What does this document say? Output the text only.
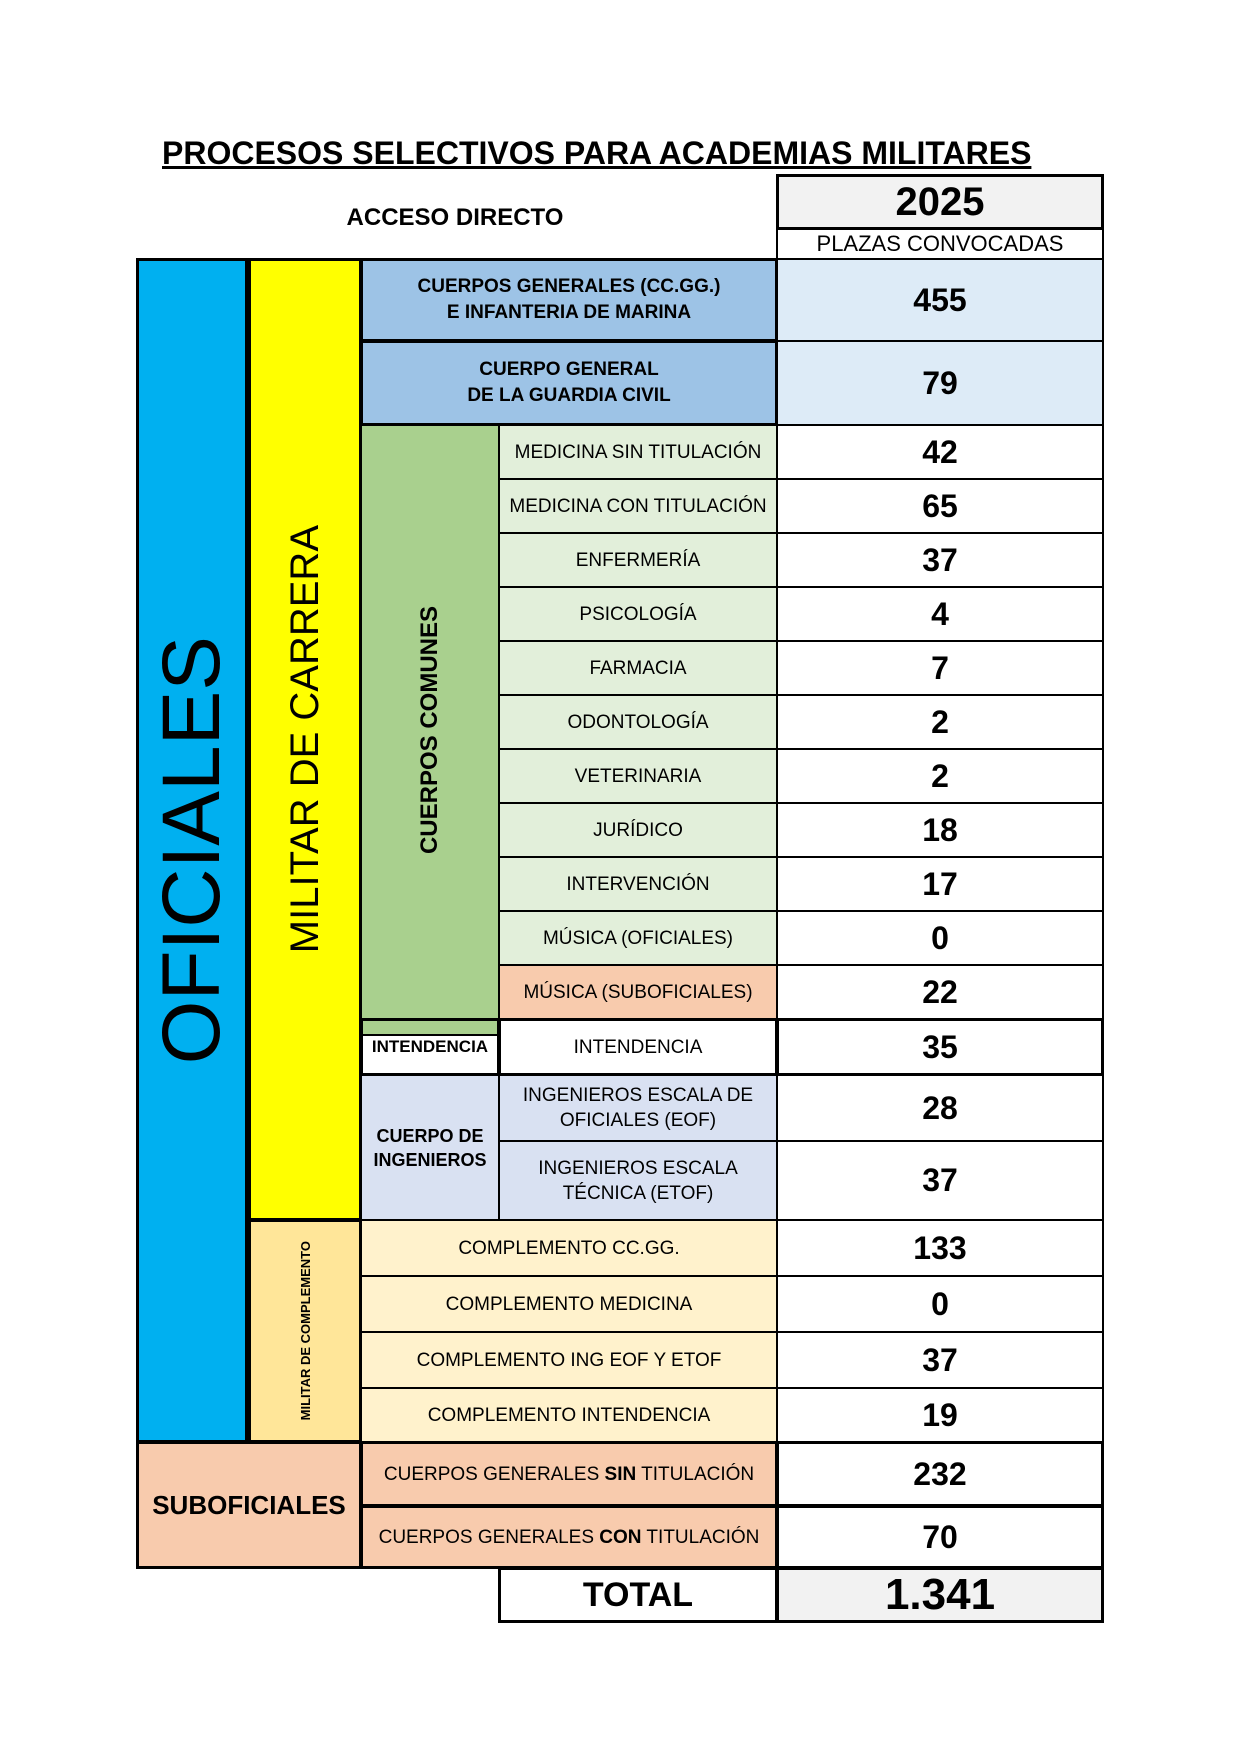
PROCESOS SELECTIVOS PARA ACADEMIAS MILITARES
ACCESO DIRECTO	2025
PLAZAS CONVOCADAS
OFICIALES MILITAR DE CARRERA
MILITAR DE COMPLEMENTO
CUERPOS GENERALES (CC.GG.)
E INFANTERIA DE MARINA	455
CUERPO GENERAL
DE LA GUARDIA CIVIL	79
CUERPOS COMUNES
MEDICINA SIN TITULACIÓN	42
MEDICINA CON TITULACIÓN	65
ENFERMERÍA	37
PSICOLOGÍA	4
FARMACIA	7
ODONTOLOGÍA	2
VETERINARIA	2
JURÍDICO	18
INTERVENCIÓN	17
MÚSICA (OFICIALES)	0
MÚSICA (SUBOFICIALES)	22
INTENDENCIA	INTENDENCIA	35
CUERPO DE INGENIEROS
INGENIEROS ESCALA DE OFICIALES (EOF)	28
INGENIEROS ESCALA TÉCNICA (ETOF)	37
COMPLEMENTO CC.GG.	133
COMPLEMENTO MEDICINA	0
COMPLEMENTO ING EOF Y ETOF	37
COMPLEMENTO INTENDENCIA	19
SUBOFICIALES
CUERPOS GENERALES SIN TITULACIÓN	232
CUERPOS GENERALES CON TITULACIÓN	70
TOTAL	1.341
